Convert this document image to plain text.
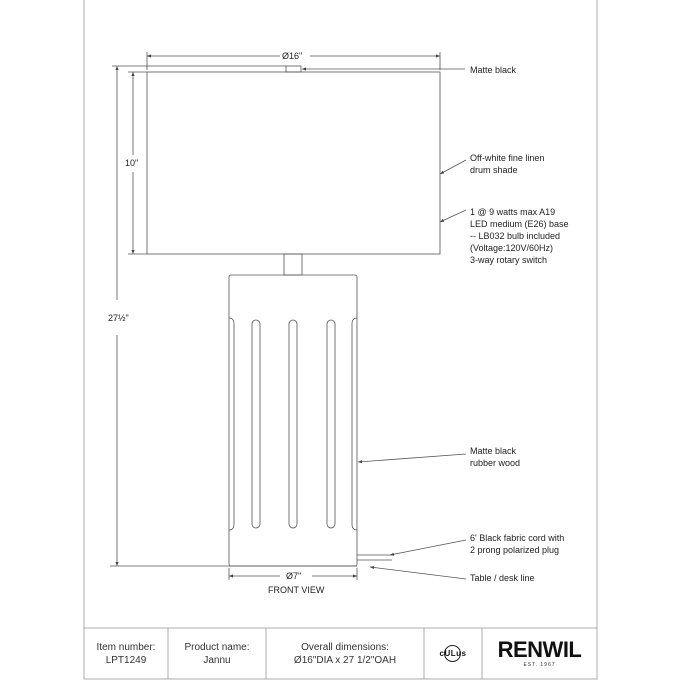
Ø16"
10"
27½"
Ø7"
FRONT VIEW
Matte black
Off-white fine linen
drum shade
1 @ 9 watts max A19
LED medium (E26) base
-- LB032 bulb included
(Voltage:120V/60Hz)
3-way rotary switch
Matte black
rubber wood
6' Black fabric cord with
2 prong polarized plug
Table / desk line
Item number:
LPT1249
Product name:
Jannu
Overall dimensions:
Ø16"DIA x 27 1/2"OAH
cULus RENWIL
EST. 1967
